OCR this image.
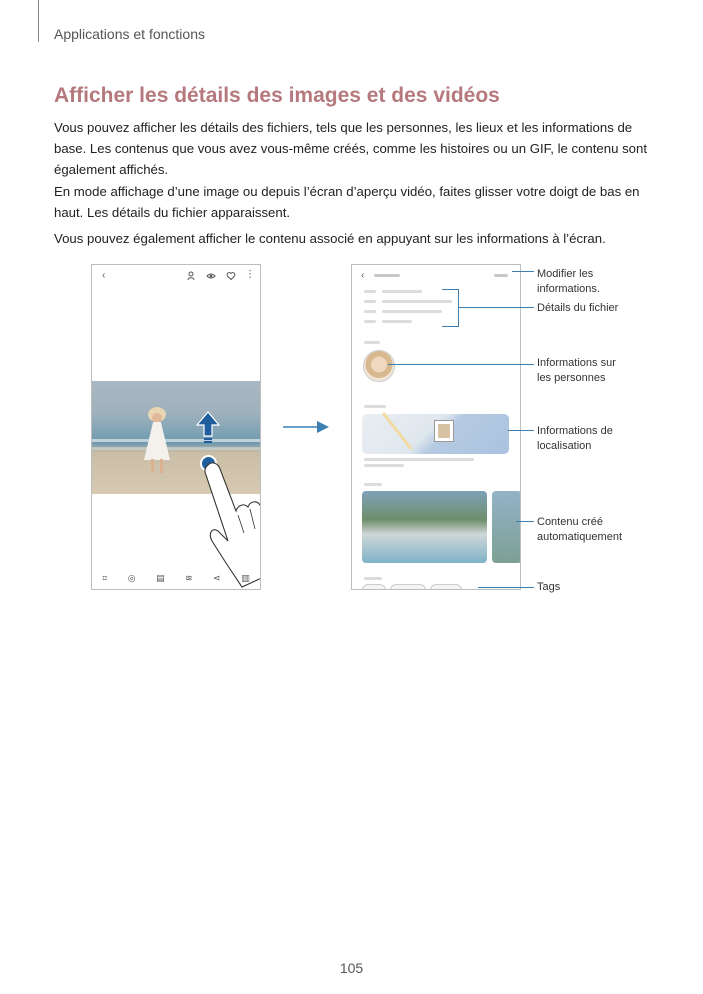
Applications et fonctions
Afficher les détails des images et des vidéos

Vous pouvez afficher les détails des fichiers, tels que les personnes, les lieux et les informations de base. Les contenus que vous avez vous-même créés, comme les histoires ou un GIF, le contenu sont également affichés.

En mode affichage d’une image ou depuis l’écran d’aperçu vidéo, faites glisser votre doigt de bas en haut. Les détails du fichier apparaissent.

Vous pouvez également afficher le contenu associé en appuyant sur les informations à l’écran.

‹	⋮
⌗ ◎ ▤ ≋ ⋖ ▥
‹	Modifier les informations.
Détails du fichier
Informations sur les personnes
Informations de localisation
Contenu créé automatiquement
Tags
105
